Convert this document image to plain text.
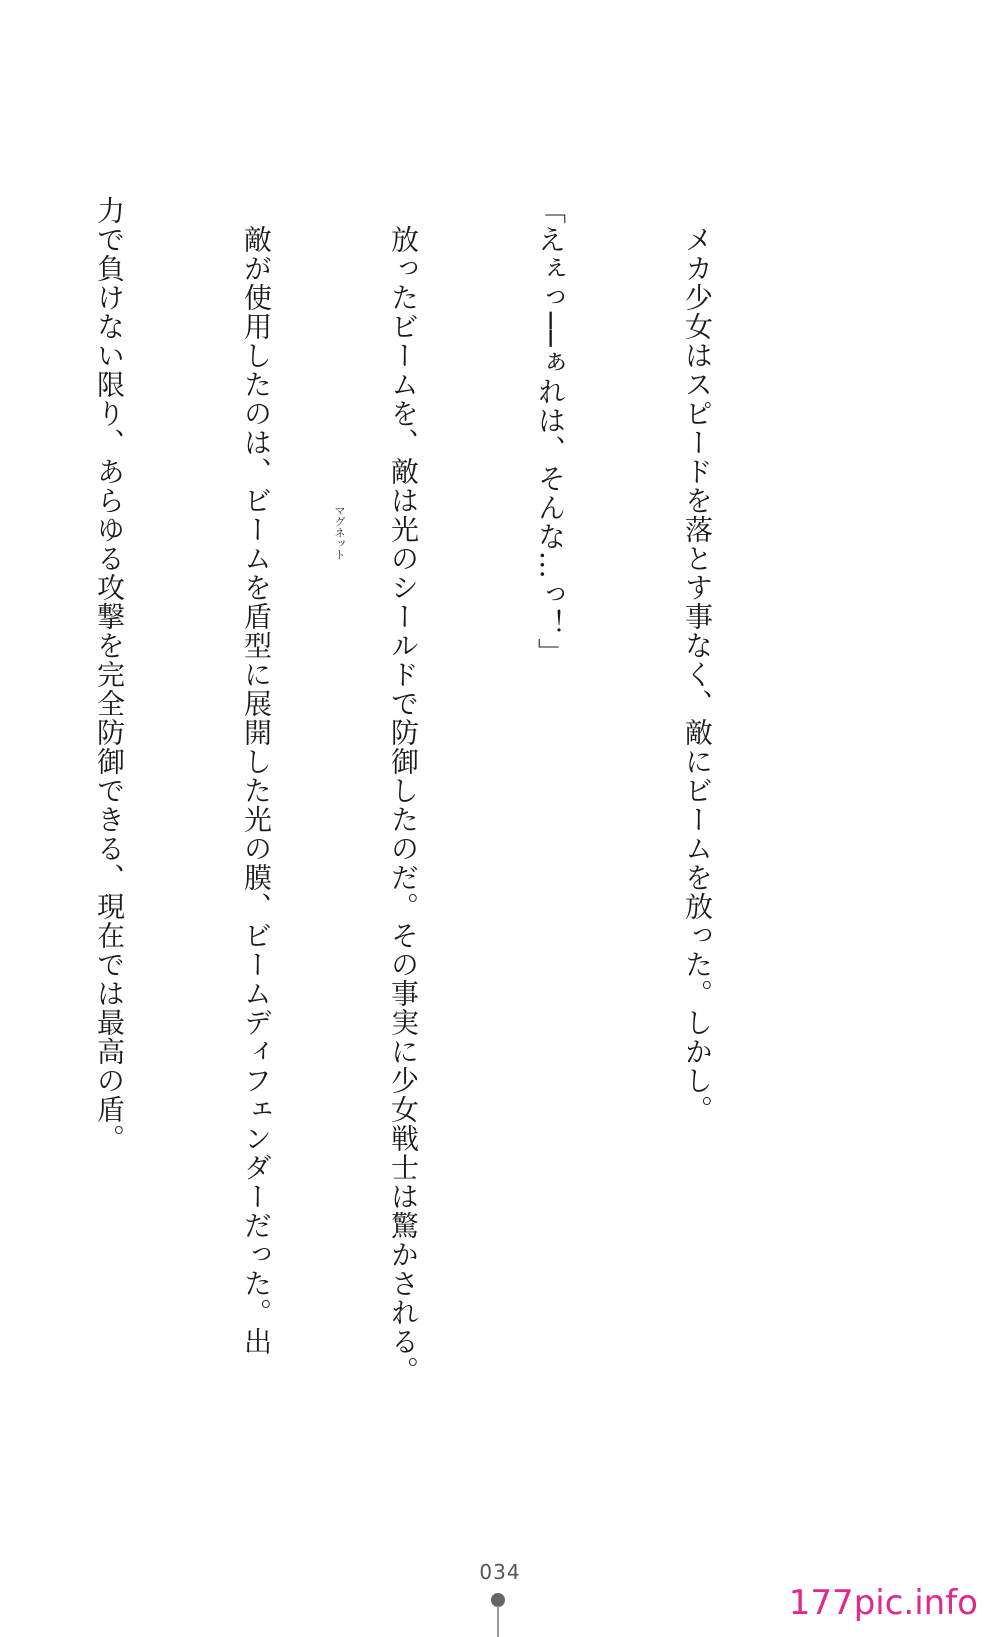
　メカ少女はスピードを落とす事なく、敵にビームを放った。しかし。

「えぇっ──ぁれは、そんな…っ！」

　放ったビームを、敵は光のシールドで防御したのだ。その事実に少女戦士は驚かされる。

　敵が使用したのは、ビームを盾型に展開した光の膜、ビームディフェンダーだった。出

力で負けない限り、あらゆる攻撃を完全防御できる、現在では最高の盾。

	マグネット
034
177pic.info
